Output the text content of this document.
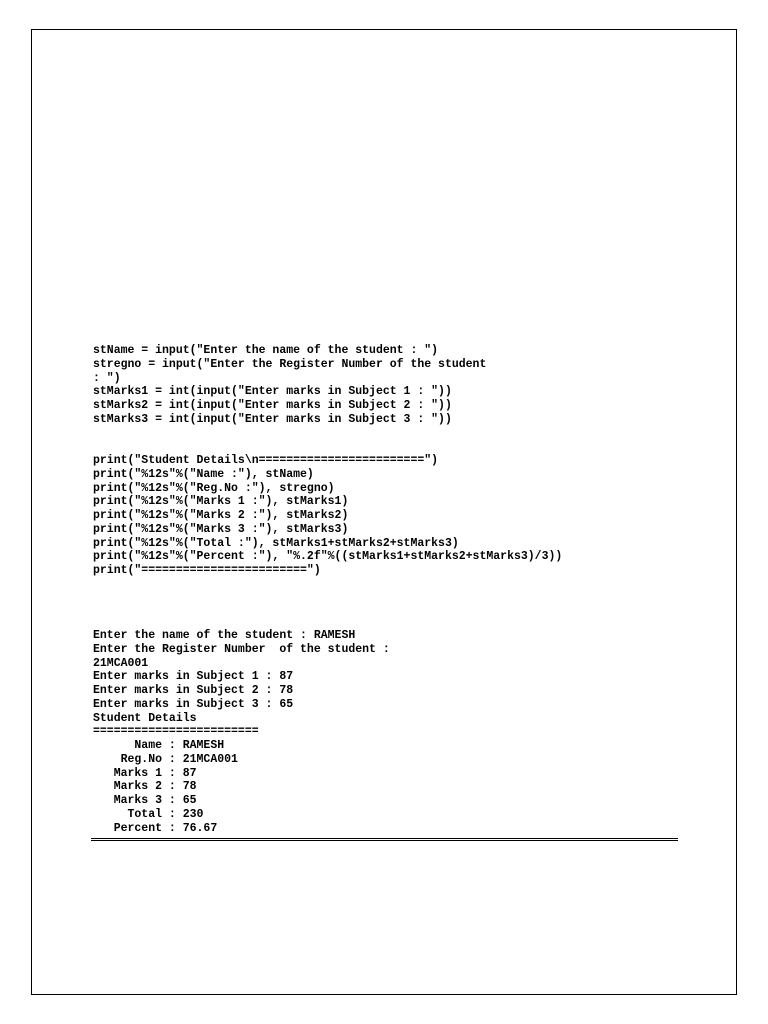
stName = input("Enter the name of the student : ")
stregno = input("Enter the Register Number of the student
: ")
stMarks1 = int(input("Enter marks in Subject 1 : "))
stMarks2 = int(input("Enter marks in Subject 2 : "))
stMarks3 = int(input("Enter marks in Subject 3 : "))
print("Student Details\n========================")
print("%12s"%("Name :"), stName)
print("%12s"%("Reg.No :"), stregno)
print("%12s"%("Marks 1 :"), stMarks1)
print("%12s"%("Marks 2 :"), stMarks2)
print("%12s"%("Marks 3 :"), stMarks3)
print("%12s"%("Total :"), stMarks1+stMarks2+stMarks3)
print("%12s"%("Percent :"), "%.2f"%((stMarks1+stMarks2+stMarks3)/3))
print("========================")
Enter the name of the student : RAMESH
Enter the Register Number  of the student :
21MCA001
Enter marks in Subject 1 : 87
Enter marks in Subject 2 : 78
Enter marks in Subject 3 : 65
Student Details
========================
Name : RAMESH
Reg.No : 21MCA001
Marks 1 : 87
Marks 2 : 78
Marks 3 : 65
Total : 230
Percent : 76.67
